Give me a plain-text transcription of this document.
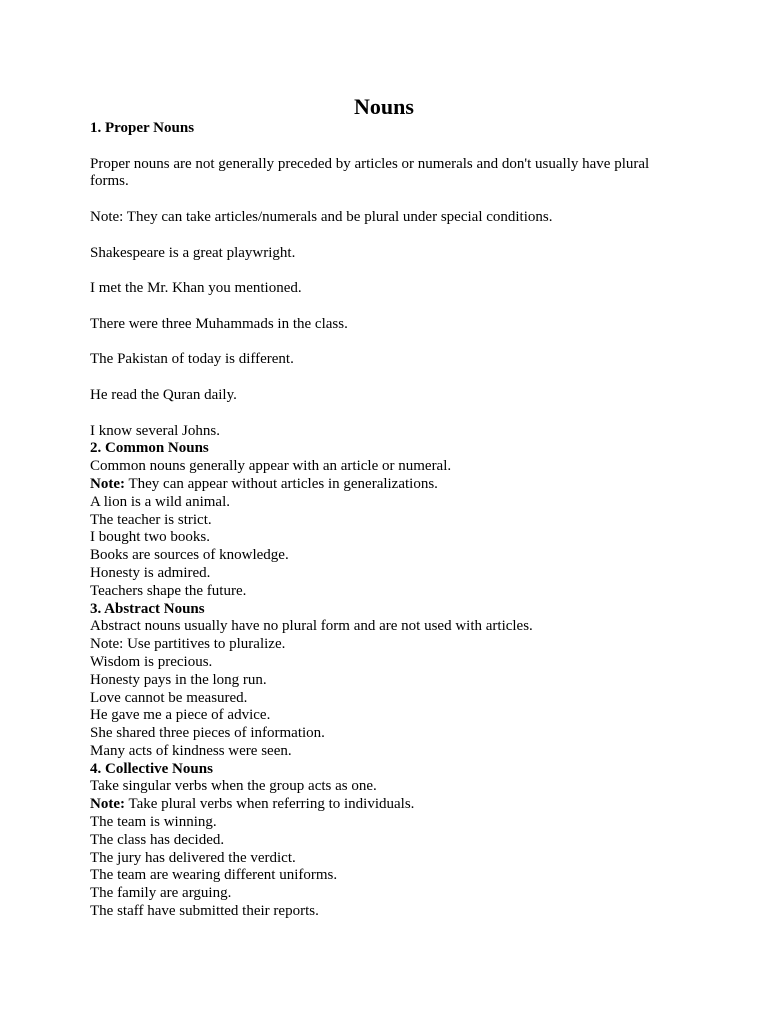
Nouns

1. Proper Nouns

Proper nouns are not generally preceded by articles or numerals and don't usually have plural forms.

Note: They can take articles/numerals and be plural under special conditions.

Shakespeare is a great playwright.

I met the Mr. Khan you mentioned.

There were three Muhammads in the class.

The Pakistan of today is different.

He read the Quran daily.

I know several Johns.

2. Common Nouns

Common nouns generally appear with an article or numeral.

Note: They can appear without articles in generalizations.

A lion is a wild animal.

The teacher is strict.

I bought two books.

Books are sources of knowledge.

Honesty is admired.

Teachers shape the future.

3. Abstract Nouns

Abstract nouns usually have no plural form and are not used with articles.

Note: Use partitives to pluralize.

Wisdom is precious.

Honesty pays in the long run.

Love cannot be measured.

He gave me a piece of advice.

She shared three pieces of information.

Many acts of kindness were seen.

4. Collective Nouns

Take singular verbs when the group acts as one.

Note: Take plural verbs when referring to individuals.

The team is winning.

The class has decided.

The jury has delivered the verdict.

The team are wearing different uniforms.

The family are arguing.

The staff have submitted their reports.
